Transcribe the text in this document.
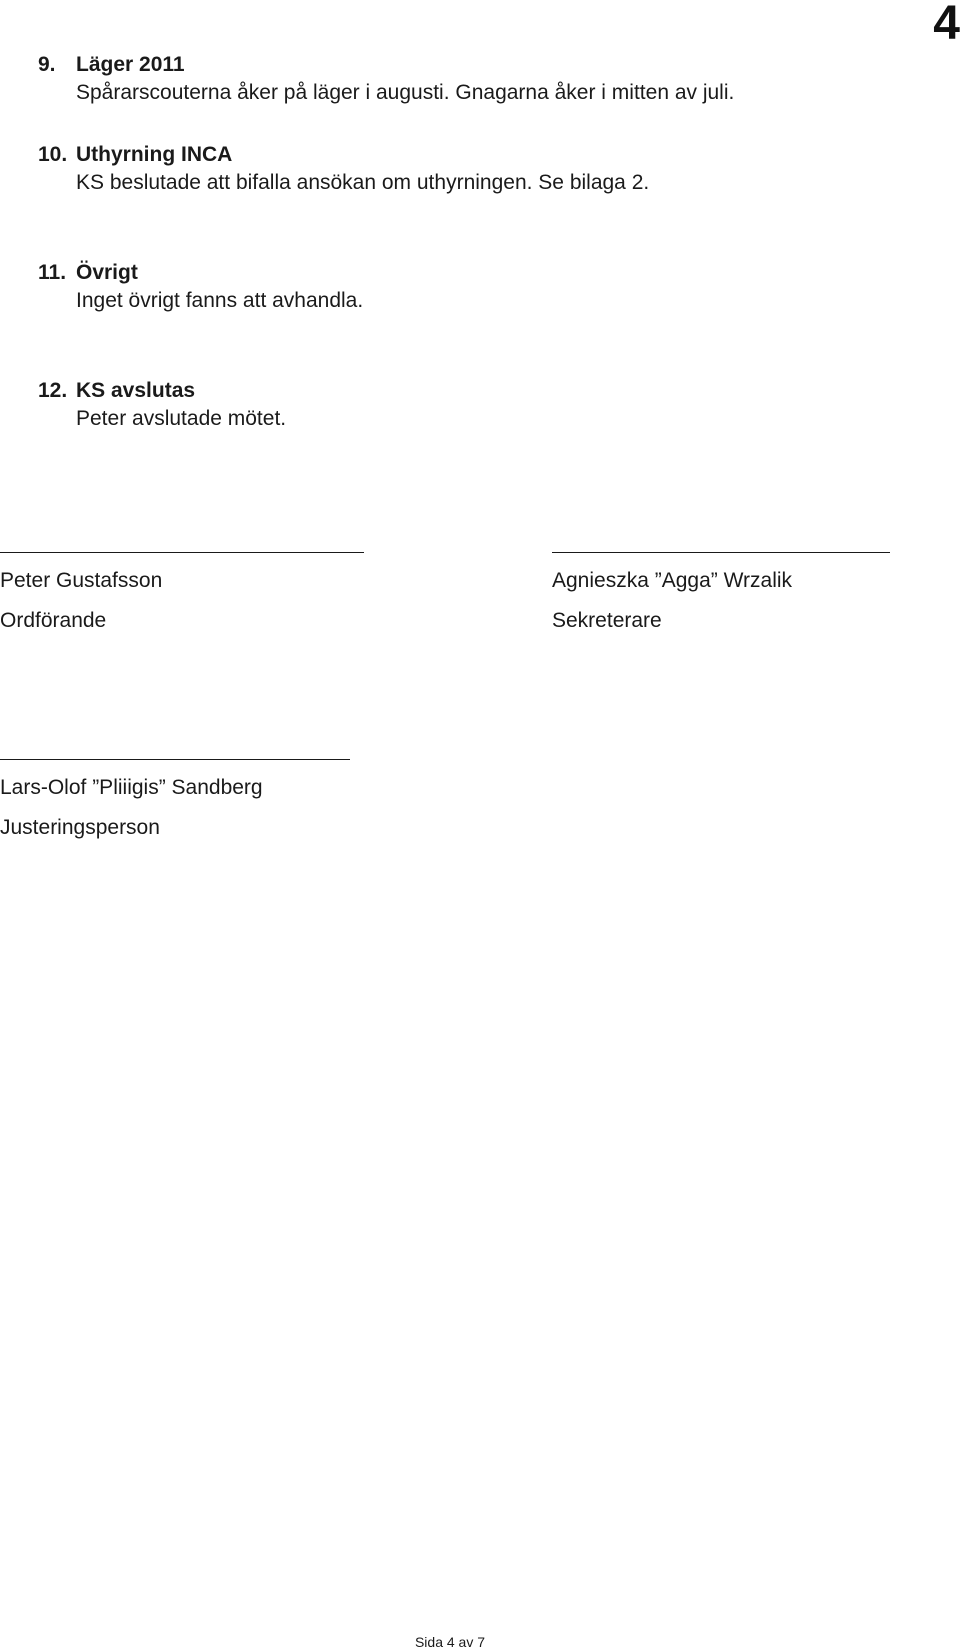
4
9. Läger 2011
Spårarscouterna åker på läger i augusti. Gnagarna åker i mitten av juli.
10. Uthyrning INCA
KS beslutade att bifalla ansökan om uthyrningen. Se bilaga 2.
11. Övrigt
Inget övrigt fanns att avhandla.
12. KS avslutas
Peter avslutade mötet.
Peter Gustafsson
Ordförande
Agnieszka ”Agga” Wrzalik
Sekreterare
Lars-Olof ”Pliiigis” Sandberg
Justeringsperson
Sida 4 av 7
